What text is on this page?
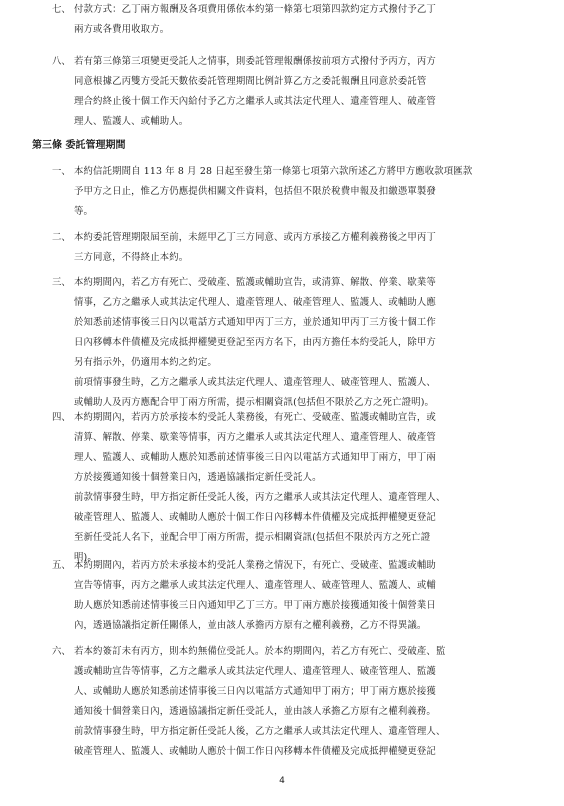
七、 付款方式：乙丁兩方報酬及各項費用係依本約第一條第七項第四款約定方式撥付予乙丁
兩方或各費用收取方。
八、 若有第三條第三項變更受託人之情事，則委託管理報酬係按前項方式撥付予丙方，丙方
同意根據乙丙雙方受託天數依委託管理期間比例計算乙方之委託報酬且同意於委託管
理合約終止後十個工作天內給付予乙方之繼承人或其法定代理人、遺產管理人、破產管
理人、監護人、或輔助人。
第三條 委託管理期間
一、 本約信託期間自 113 年 8 月 28 日起至發生第一條第七項第六款所述乙方將甲方應收款項匯款
予甲方之日止，惟乙方仍應提供相關文件資料，包括但不限於稅費申報及扣繳憑單製發
等。
二、 本約委託管理期限屆至前，未經甲乙丁三方同意、或丙方承接乙方權利義務後之甲丙丁
三方同意，不得終止本約。
三、 本約期間內，若乙方有死亡、受破產、監護或輔助宣告，或清算、解散、停業、歇業等
情事，乙方之繼承人或其法定代理人、遺產管理人、破產管理人、監護人、或輔助人應
於知悉前述情事後三日內以電話方式通知甲丙丁三方，並於通知甲丙丁三方後十個工作
日內移轉本件債權及完成抵押權變更登記至丙方名下，由丙方擔任本約受託人，除甲方
另有指示外，仍適用本約之約定。
前項情事發生時，乙方之繼承人或其法定代理人、遺產管理人、破產管理人、監護人、
或輔助人及丙方應配合甲丁兩方所需，提示相關資訊(包括但不限於乙方之死亡證明)。
四、 本約期間內，若丙方於承接本約受託人業務後，有死亡、受破產、監護或輔助宣告，或
清算、解散、停業、歇業等情事，丙方之繼承人或其法定代理人、遺產管理人、破產管
理人、監護人、或輔助人應於知悉前述情事後三日內以電話方式通知甲丁兩方，甲丁兩
方於接獲通知後十個營業日內，透過協議指定新任受託人。
前款情事發生時，甲方指定新任受託人後，丙方之繼承人或其法定代理人、遺產管理人、
破產管理人、監護人、或輔助人應於十個工作日內移轉本件債權及完成抵押權變更登記
至新任受託人名下，並配合甲丁兩方所需，提示相關資訊(包括但不限於丙方之死亡證
明)。
五、 本約期間內，若丙方於未承接本約受託人業務之情況下，有死亡、受破產、監護或輔助
宣告等情事，丙方之繼承人或其法定代理人、遺產管理人、破產管理人、監護人、或輔
助人應於知悉前述情事後三日內通知甲乙丁三方。甲丁兩方應於接獲通知後十個營業日
內，透過協議指定新任關係人，並由該人承擔丙方原有之權利義務，乙方不得異議。
六、 若本約簽訂未有丙方，則本約無備位受託人。於本約期間內，若乙方有死亡、受破產、監
護或輔助宣告等情事，乙方之繼承人或其法定代理人、遺產管理人、破產管理人、監護
人、或輔助人應於知悉前述情事後三日內以電話方式通知甲丁兩方；甲丁兩方應於接獲
通知後十個營業日內，透過協議指定新任受託人，並由該人承擔乙方原有之權利義務。
前款情事發生時，甲方指定新任受託人後，乙方之繼承人或其法定代理人、遺產管理人、
破產管理人、監護人、或輔助人應於十個工作日內移轉本件債權及完成抵押權變更登記
4
